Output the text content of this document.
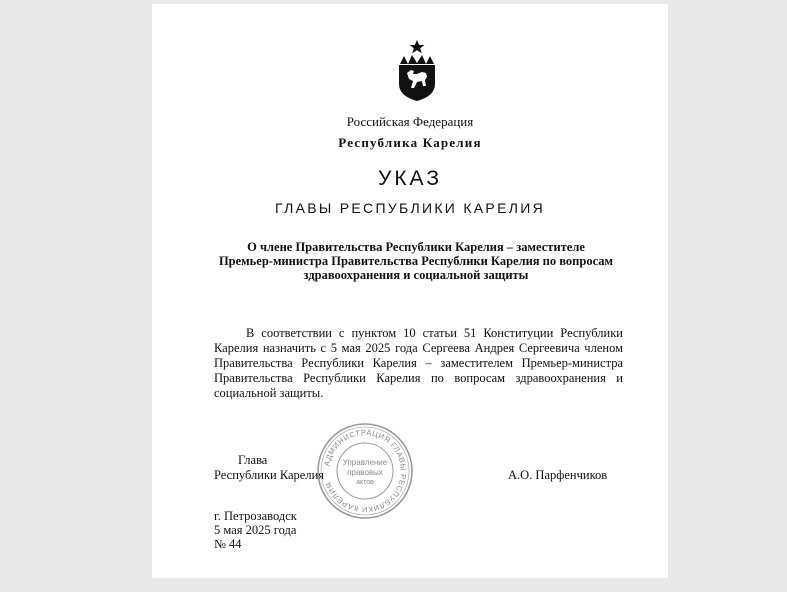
Российская Федерация
Республика Карелия
УКАЗ
ГЛАВЫ РЕСПУБЛИКИ КАРЕЛИЯ
О члене Правительства Республики Карелия – заместителе
Премьер-министра Правительства Республики Карелия по вопросам
здравоохранения и социальной защиты
В соответствии с пунктом 10 статьи 51 Конституции Республики Карелия назначить с 5 мая 2025 года Сергеева Андрея Сергеевича членом Правительства Республики Карелия – заместителем Премьер-министра Правительства Республики Карелия по вопросам здравоохранения и социальной защиты.
Глава
Республики Карелия	А.О. Парфенчиков
АДМИНИСТРАЦИЯ ГЛАВЫ РЕСПУБЛИКИ КАРЕЛИЯ
Управление
правовых
актов
г. Петрозаводск
5 мая 2025 года
№ 44
